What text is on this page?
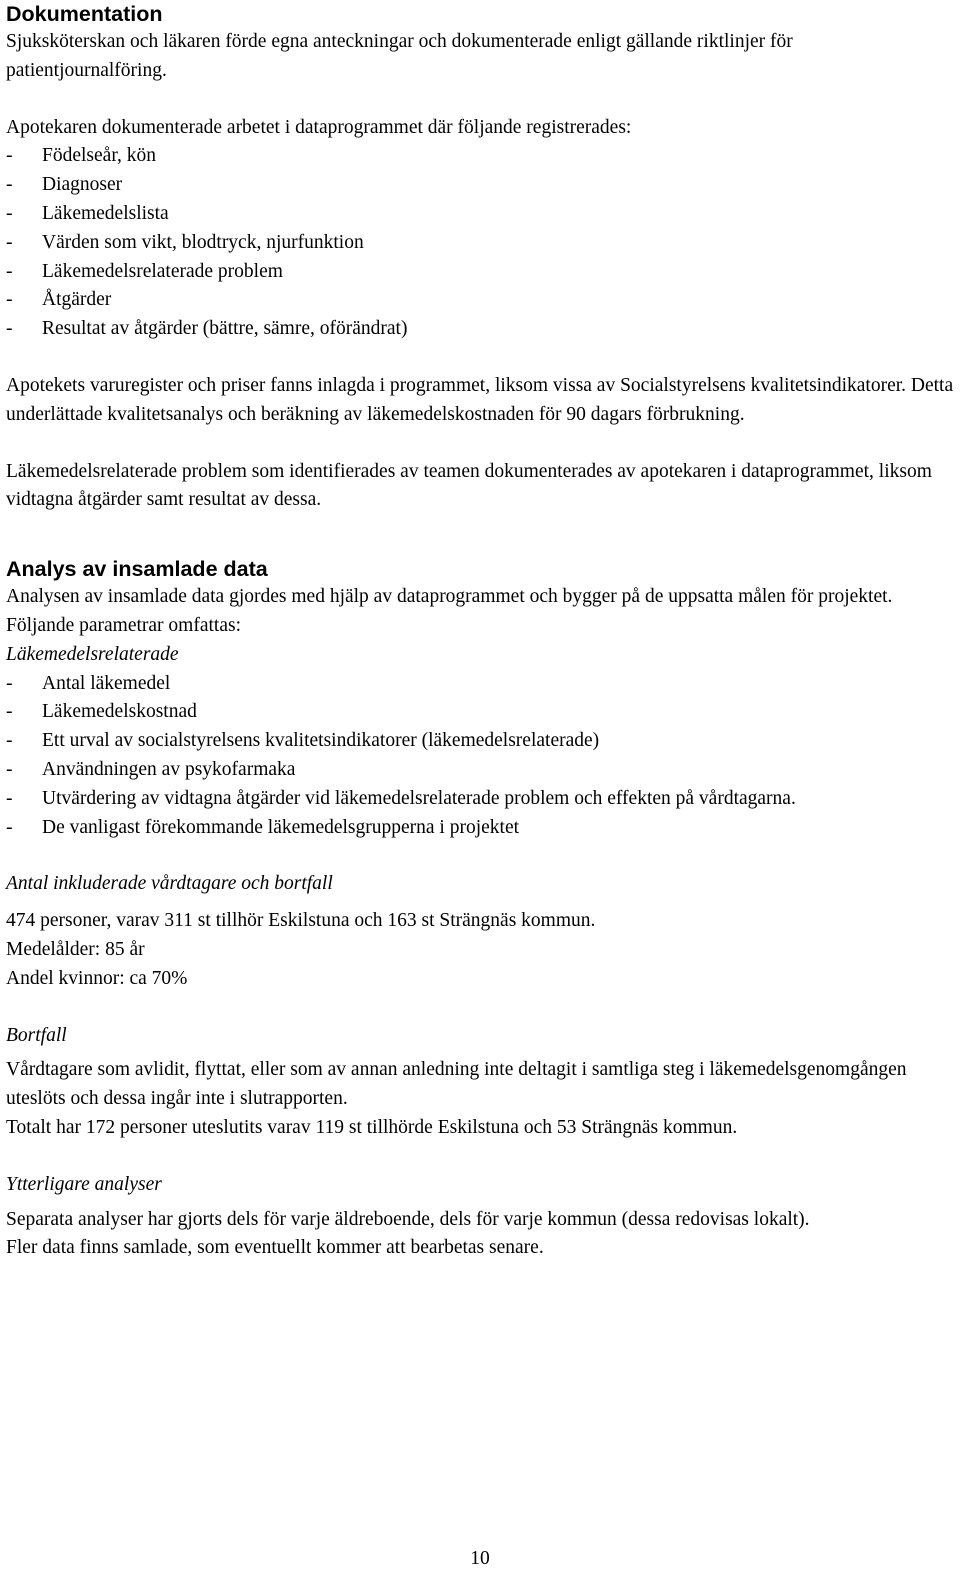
Dokumentation

Sjuksköterskan och läkaren förde egna anteckningar och dokumenterade enligt gällande riktlinjer för patientjournalföring.

Apotekaren dokumenterade arbetet i dataprogrammet där följande registrerades:

-	Födelseår, kön
-	Diagnoser
-	Läkemedelslista
-	Värden som vikt, blodtryck, njurfunktion
-	Läkemedelsrelaterade problem
-	Åtgärder
-	Resultat av åtgärder (bättre, sämre, oförändrat)

Apotekets varuregister och priser fanns inlagda i programmet, liksom vissa av Socialstyrelsens kvalitetsindikatorer. Detta underlättade kvalitetsanalys och beräkning av läkemedelskostnaden för 90 dagars förbrukning.

Läkemedelsrelaterade problem som identifierades av teamen dokumenterades av apotekaren i dataprogrammet, liksom vidtagna åtgärder samt resultat av dessa.

Analys av insamlade data

Analysen av insamlade data gjordes med hjälp av dataprogrammet och bygger på de uppsatta målen för projektet. Följande parametrar omfattas:

Läkemedelsrelaterade

-	Antal läkemedel
-	Läkemedelskostnad
-	Ett urval av socialstyrelsens kvalitetsindikatorer (läkemedelsrelaterade)
-	Användningen av psykofarmaka
-	Utvärdering av vidtagna åtgärder vid läkemedelsrelaterade problem och effekten på vårdtagarna.
-	De vanligast förekommande läkemedelsgrupperna i projektet

Antal inkluderade vårdtagare och bortfall

474 personer, varav 311 st tillhör Eskilstuna och 163 st Strängnäs kommun.

Medelålder: 85 år

Andel kvinnor: ca 70%

Bortfall

Vårdtagare som avlidit, flyttat, eller som av annan anledning inte deltagit i samtliga steg i läkemedelsgenomgången uteslöts och dessa ingår inte i slutrapporten.

Totalt har 172 personer uteslutits varav 119 st tillhörde Eskilstuna och 53 Strängnäs kommun.

Ytterligare analyser

Separata analyser har gjorts dels för varje äldreboende, dels för varje kommun (dessa redovisas lokalt).

Fler data finns samlade, som eventuellt kommer att bearbetas senare.

10
